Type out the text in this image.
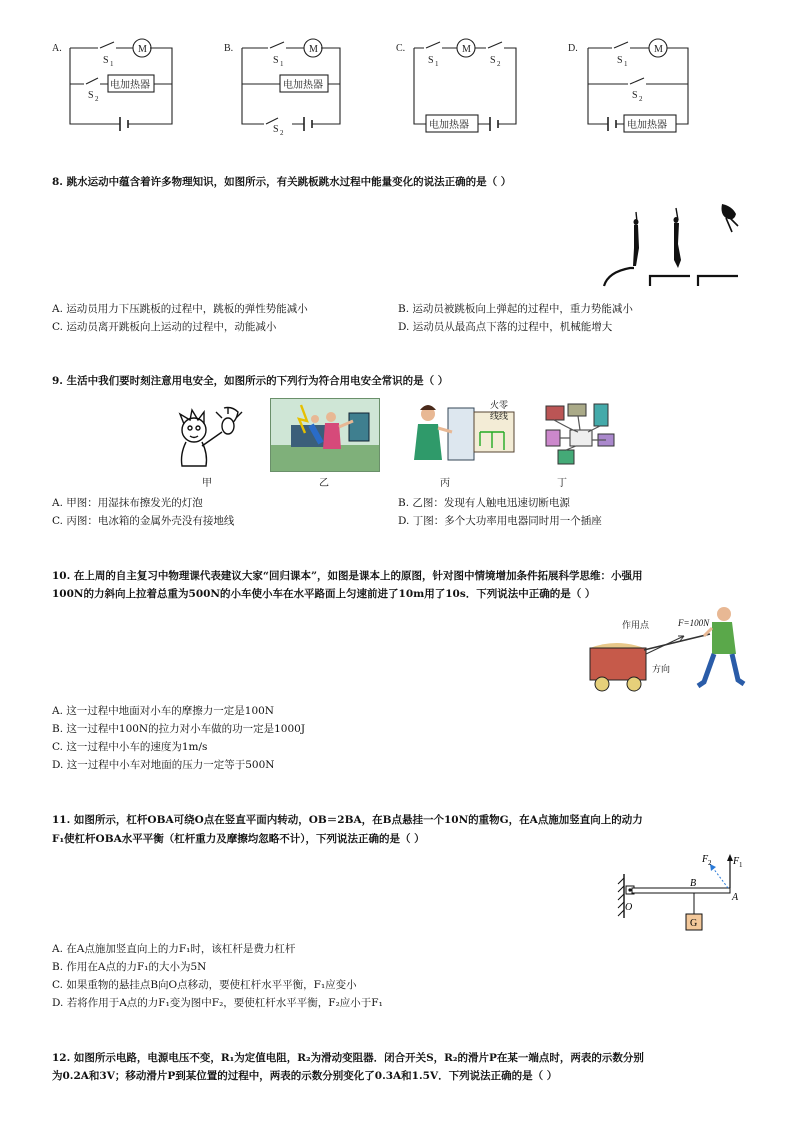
A.	M
S 1
S 2
电加热器
B.	M
S 1
S 2
电加热器
C.	M
S 1	S 2
电加热器
D.	M
S 1
S 2
电加热器
8. 跳水运动中蕴含着许多物理知识，如图所示，有关跳板跳水过程中能量变化的说法正确的是（ ）
A. 运动员用力下压跳板的过程中，跳板的弹性势能减小	B. 运动员被跳板向上弹起的过程中，重力势能减小
C. 运动员离开跳板向上运动的过程中，动能减小	D. 运动员从最高点下落的过程中，机械能增大
9. 生活中我们要时刻注意用电安全，如图所示的下列行为符合用电安全常识的是（ ）
火零
线线
甲	乙	丙	丁
A. 甲图：用湿抹布擦发光的灯泡	B. 乙图：发现有人触电迅速切断电源
C. 丙图：电冰箱的金属外壳没有接地线	D. 丁图：多个大功率用电器同时用一个插座
10. 在上周的自主复习中物理课代表建议大家“回归课本”，如图是课本上的原图，针对图中情境增加条件拓展科学思维：小强用
100N的力斜向上拉着总重为500N的小车使小车在水平路面上匀速前进了10m用了10s．下列说法中正确的是（ ）
作用点	F=100N
方向
A. 这一过程中地面对小车的摩擦力一定是100N
B. 这一过程中100N的拉力对小车做的功一定是1000J
C. 这一过程中小车的速度为1m/s
D. 这一过程中小车对地面的压力一定等于500N
11. 如图所示，杠杆OBA可绕O点在竖直平面内转动，OB＝2BA，在B点悬挂一个10N的重物G，在A点施加竖直向上的动力
F₁使杠杆OBA水平平衡（杠杆重力及摩擦均忽略不计），下列说法正确的是（ ）
O
B
A
G
F 1
F 2
A. 在A点施加竖直向上的力F₁时，该杠杆是费力杠杆
B. 作用在A点的力F₁的大小为5N
C. 如果重物的悬挂点B向O点移动，要使杠杆水平平衡，F₁应变小
D. 若将作用于A点的力F₁变为图中F₂，要使杠杆水平平衡，F₂应小于F₁
12. 如图所示电路，电源电压不变，R₁为定值电阻，R₂为滑动变阻器．闭合开关S，R₂的滑片P在某一端点时，两表的示数分别
为0.2A和3V；移动滑片P到某位置的过程中，两表的示数分别变化了0.3A和1.5V．下列说法正确的是（ ）
